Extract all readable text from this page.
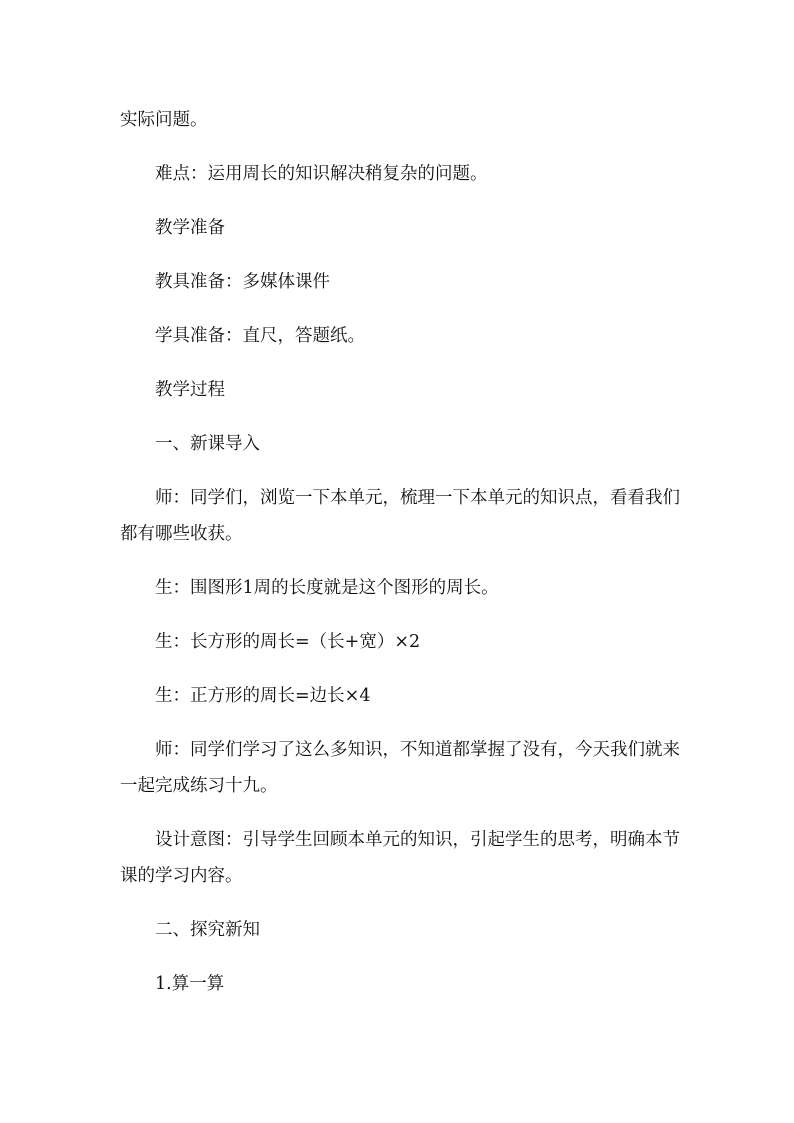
实际问题。

难点：运用周长的知识解决稍复杂的问题。

教学准备

教具准备：多媒体课件

学具准备：直尺，答题纸。

教学过程

一、新课导入

师：同学们，浏览一下本单元，梳理一下本单元的知识点，看看我们都有哪些收获。

生：围图形1周的长度就是这个图形的周长。

生：长方形的周长=（长+宽）×2

生：正方形的周长=边长×4

师：同学们学习了这么多知识，不知道都掌握了没有，今天我们就来一起完成练习十九。

设计意图：引导学生回顾本单元的知识，引起学生的思考，明确本节课的学习内容。

二、探究新知

1.算一算
